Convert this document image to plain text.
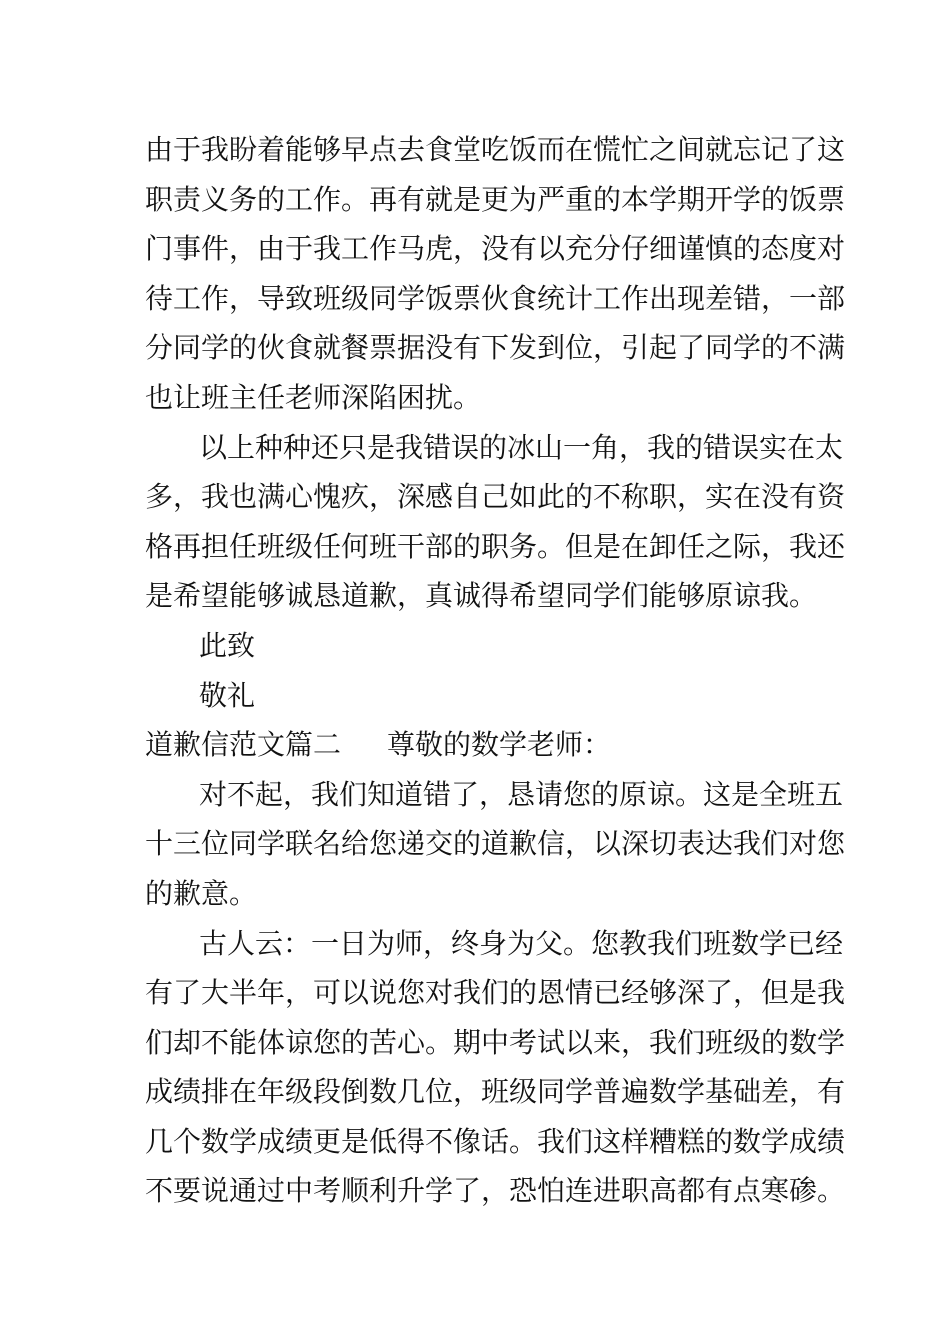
由于我盼着能够早点去食堂吃饭而在慌忙之间就忘记了这
职责义务的工作。再有就是更为严重的本学期开学的饭票
门事件，由于我工作马虎，没有以充分仔细谨慎的态度对
待工作，导致班级同学饭票伙食统计工作出现差错，一部
分同学的伙食就餐票据没有下发到位，引起了同学的不满
也让班主任老师深陷困扰。
以上种种还只是我错误的冰山一角，我的错误实在太
多，我也满心愧疚，深感自己如此的不称职，实在没有资
格再担任班级任何班干部的职务。但是在卸任之际，我还
是希望能够诚恳道歉，真诚得希望同学们能够原谅我。
此致
敬礼
道歉信范文篇二 尊敬的数学老师：
对不起，我们知道错了，恳请您的原谅。这是全班五
十三位同学联名给您递交的道歉信，以深切表达我们对您
的歉意。
古人云：一日为师，终身为父。您教我们班数学已经
有了大半年，可以说您对我们的恩情已经够深了，但是我
们却不能体谅您的苦心。期中考试以来，我们班级的数学
成绩排在年级段倒数几位，班级同学普遍数学基础差，有
几个数学成绩更是低得不像话。我们这样糟糕的数学成绩
不要说通过中考顺利升学了，恐怕连进职高都有点寒碜。
